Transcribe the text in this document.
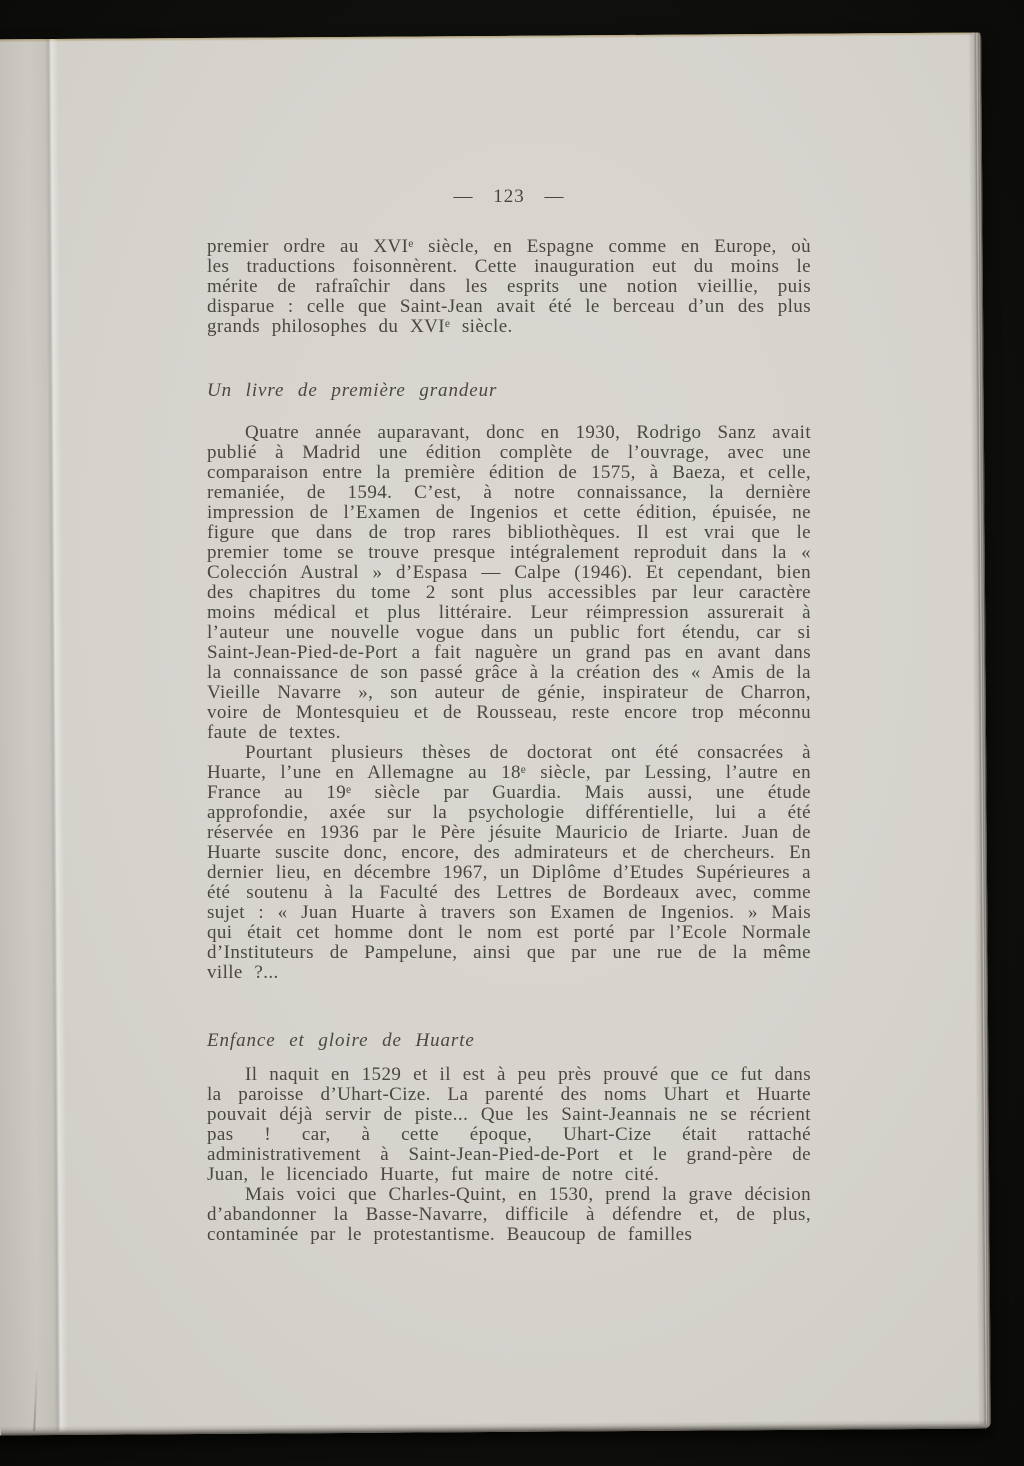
— 123 —

premier ordre au XVIᵉ siècle, en Espagne comme en Europe, où les traductions foisonnèrent. Cette inauguration eut du moins le mérite de rafraîchir dans les esprits une notion vieillie, puis disparue : celle que Saint-Jean avait été le berceau d’un des plus grands philosophes du XVIᵉ siècle.

Un livre de première grandeur

Quatre année auparavant, donc en 1930, Rodrigo Sanz avait publié à Madrid une édition complète de l’ouvrage, avec une comparaison entre la première édition de 1575, à Baeza, et celle, remaniée, de 1594. C’est, à notre connaissance, la dernière impression de l’Examen de Ingenios et cette édition, épuisée, ne figure que dans de trop rares bibliothèques. Il est vrai que le premier tome se trouve presque intégralement reproduit dans la « Colección Austral » d’Espasa — Calpe (1946). Et cependant, bien des chapitres du tome 2 sont plus accessibles par leur caractère moins médical et plus littéraire. Leur réimpression assurerait à l’auteur une nouvelle vogue dans un public fort étendu, car si Saint-Jean-Pied-de-Port a fait naguère un grand pas en avant dans la connaissance de son passé grâce à la création des « Amis de la Vieille Navarre », son auteur de génie, inspirateur de Charron, voire de Montesquieu et de Rousseau, reste encore trop méconnu faute de textes.

Pourtant plusieurs thèses de doctorat ont été consacrées à Huarte, l’une en Allemagne au 18ᵉ siècle, par Lessing, l’autre en France au 19ᵉ siècle par Guardia. Mais aussi, une étude approfondie, axée sur la psychologie différentielle, lui a été réservée en 1936 par le Père jésuite Mauricio de Iriarte. Juan de Huarte suscite donc, encore, des admirateurs et de chercheurs. En dernier lieu, en décembre 1967, un Diplôme d’Etudes Supérieures a été soutenu à la Faculté des Lettres de Bordeaux avec, comme sujet : « Juan Huarte à travers son Examen de Ingenios. » Mais qui était cet homme dont le nom est porté par l’Ecole Normale d’Instituteurs de Pampelune, ainsi que par une rue de la même ville ?...

Enfance et gloire de Huarte

Il naquit en 1529 et il est à peu près prouvé que ce fut dans la paroisse d’Uhart-Cize. La parenté des noms Uhart et Huarte pouvait déjà servir de piste... Que les Saint-Jeannais ne se récrient pas ! car, à cette époque, Uhart-Cize était rattaché administrativement à Saint-Jean-Pied-de-Port et le grand-père de Juan, le licenciado Huarte, fut maire de notre cité.

Mais voici que Charles-Quint, en 1530, prend la grave décision d’abandonner la Basse-Navarre, difficile à défendre et, de plus, contaminée par le protestantisme. Beaucoup de familles
